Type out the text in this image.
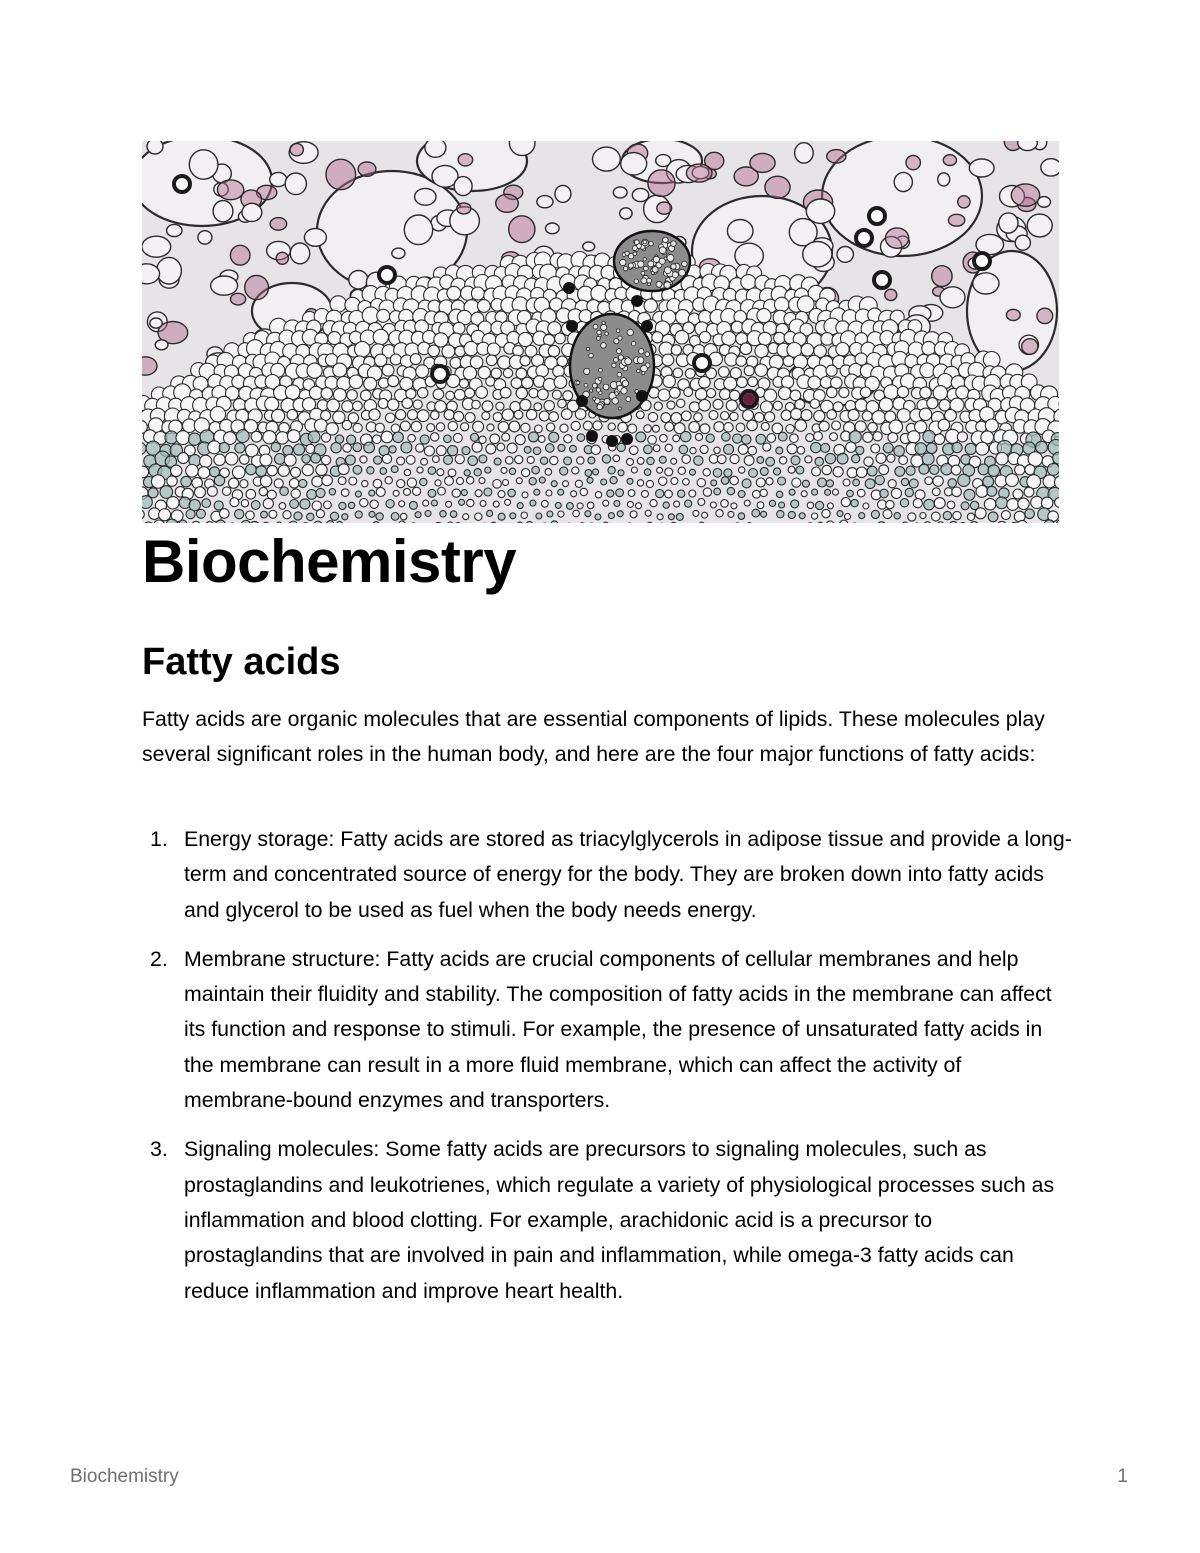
Biochemistry
Fatty acids

Fatty acids are organic molecules that are essential components of lipids. These molecules play several significant roles in the human body, and here are the four major functions of fatty acids:

1. Energy storage: Fatty acids are stored as triacylglycerols in adipose tissue and provide a long-term and concentrated source of energy for the body. They are broken down into fatty acids and glycerol to be used as fuel when the body needs energy.
2. Membrane structure: Fatty acids are crucial components of cellular membranes and help maintain their fluidity and stability. The composition of fatty acids in the membrane can affect its function and response to stimuli. For example, the presence of unsaturated fatty acids in the membrane can result in a more fluid membrane, which can affect the activity of membrane-bound enzymes and transporters.
3. Signaling molecules: Some fatty acids are precursors to signaling molecules, such as prostaglandins and leukotrienes, which regulate a variety of physiological processes such as inflammation and blood clotting. For example, arachidonic acid is a precursor to prostaglandins that are involved in pain and inflammation, while omega-3 fatty acids can reduce inflammation and improve heart health.
Biochemistry	1
